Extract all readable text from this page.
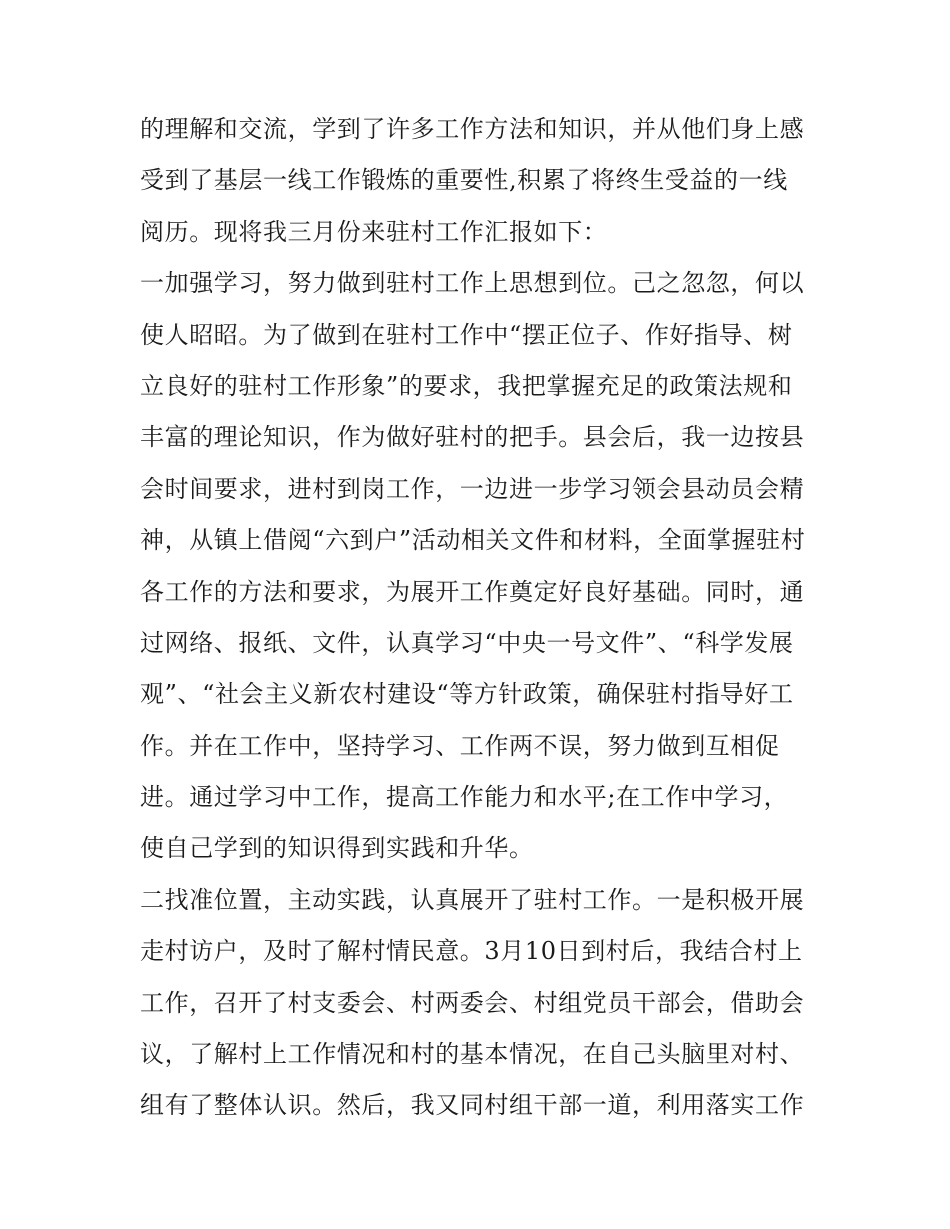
的理解和交流，学到了许多工作方法和知识，并从他们身上感
受到了基层一线工作锻炼的重要性,积累了将终生受益的一线
阅历。现将我三月份来驻村工作汇报如下：
一加强学习，努力做到驻村工作上思想到位。己之忽忽，何以
使人昭昭。为了做到在驻村工作中“摆正位子、作好指导、树
立良好的驻村工作形象”的要求，我把掌握充足的政策法规和
丰富的理论知识，作为做好驻村的把手。县会后，我一边按县
会时间要求，进村到岗工作，一边进一步学习领会县动员会精
神，从镇上借阅“六到户”活动相关文件和材料，全面掌握驻村
各工作的方法和要求，为展开工作奠定好良好基础。同时，通
过网络、报纸、文件，认真学习“中央一号文件”、“科学发展
观”、“社会主义新农村建设“等方针政策，确保驻村指导好工
作。并在工作中，坚持学习、工作两不误，努力做到互相促
进。通过学习中工作，提高工作能力和水平;在工作中学习，
使自己学到的知识得到实践和升华。
二找准位置，主动实践，认真展开了驻村工作。一是积极开展
走村访户，及时了解村情民意。3月10日到村后，我结合村上
工作，召开了村支委会、村两委会、村组党员干部会，借助会
议，了解村上工作情况和村的基本情况，在自己头脑里对村、
组有了整体认识。然后，我又同村组干部一道，利用落实工作
